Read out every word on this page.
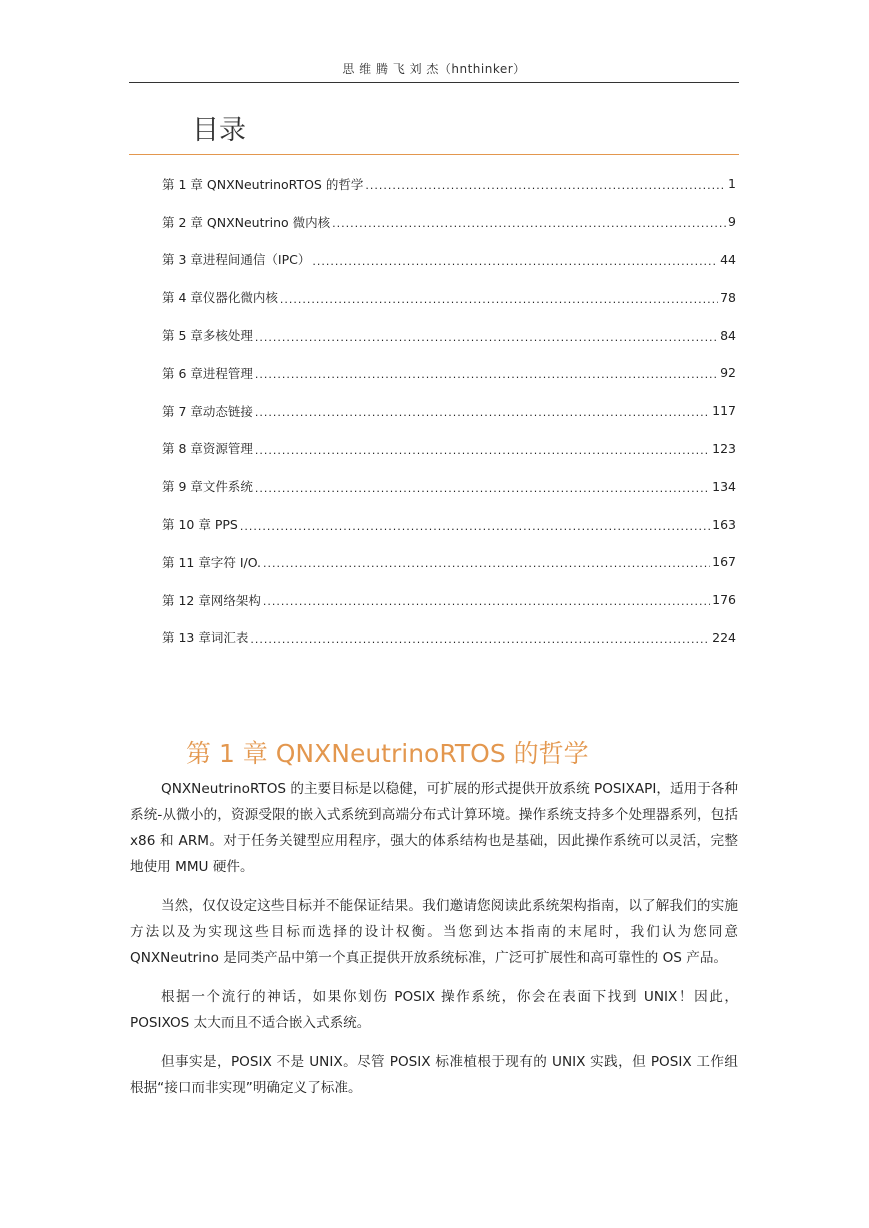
思 维 腾 飞 刘 杰（hnthinker）
目录
第 1 章 QNXNeutrinoRTOS 的哲学 .....	1
第 2 章 QNXNeutrino 微内核 .....	9
第 3 章进程间通信（IPC） .....	44
第 4 章仪器化微内核 .....	78
第 5 章多核处理 .....	84
第 6 章进程管理 .....	92
第 7 章动态链接 .....	117
第 8 章资源管理 .....	123
第 9 章文件系统 .....	134
第 10 章 PPS .....	163
第 11 章字符 I/O. .....	167
第 12 章网络架构 .....	176
第 13 章词汇表 .....	224
第 1 章 QNXNeutrinoRTOS 的哲学

QNXNeutrinoRTOS 的主要目标是以稳健，可扩展的形式提供开放系统 POSIXAPI，适用于各种系统-从微小的，资源受限的嵌入式系统到高端分布式计算环境。操作系统支持多个处理器系列，包括 x86 和 ARM。对于任务关键型应用程序，强大的体系结构也是基础，因此操作系统可以灵活，完整地使用 MMU 硬件。

当然，仅仅设定这些目标并不能保证结果。我们邀请您阅读此系统架构指南，以了解我们的实施方法以及为实现这些目标而选择的设计权衡。当您到达本指南的末尾时，我们认为您同意 QNXNeutrino 是同类产品中第一个真正提供开放系统标准，广泛可扩展性和高可靠性的 OS 产品。

根据一个流行的神话，如果你划伤 POSIX 操作系统，你会在表面下找到 UNIX！因此，POSIXOS 太大而且不适合嵌入式系统。

但事实是，POSIX 不是 UNIX。尽管 POSIX 标准植根于现有的 UNIX 实践，但 POSIX 工作组根据“接口而非实现”明确定义了标准。
